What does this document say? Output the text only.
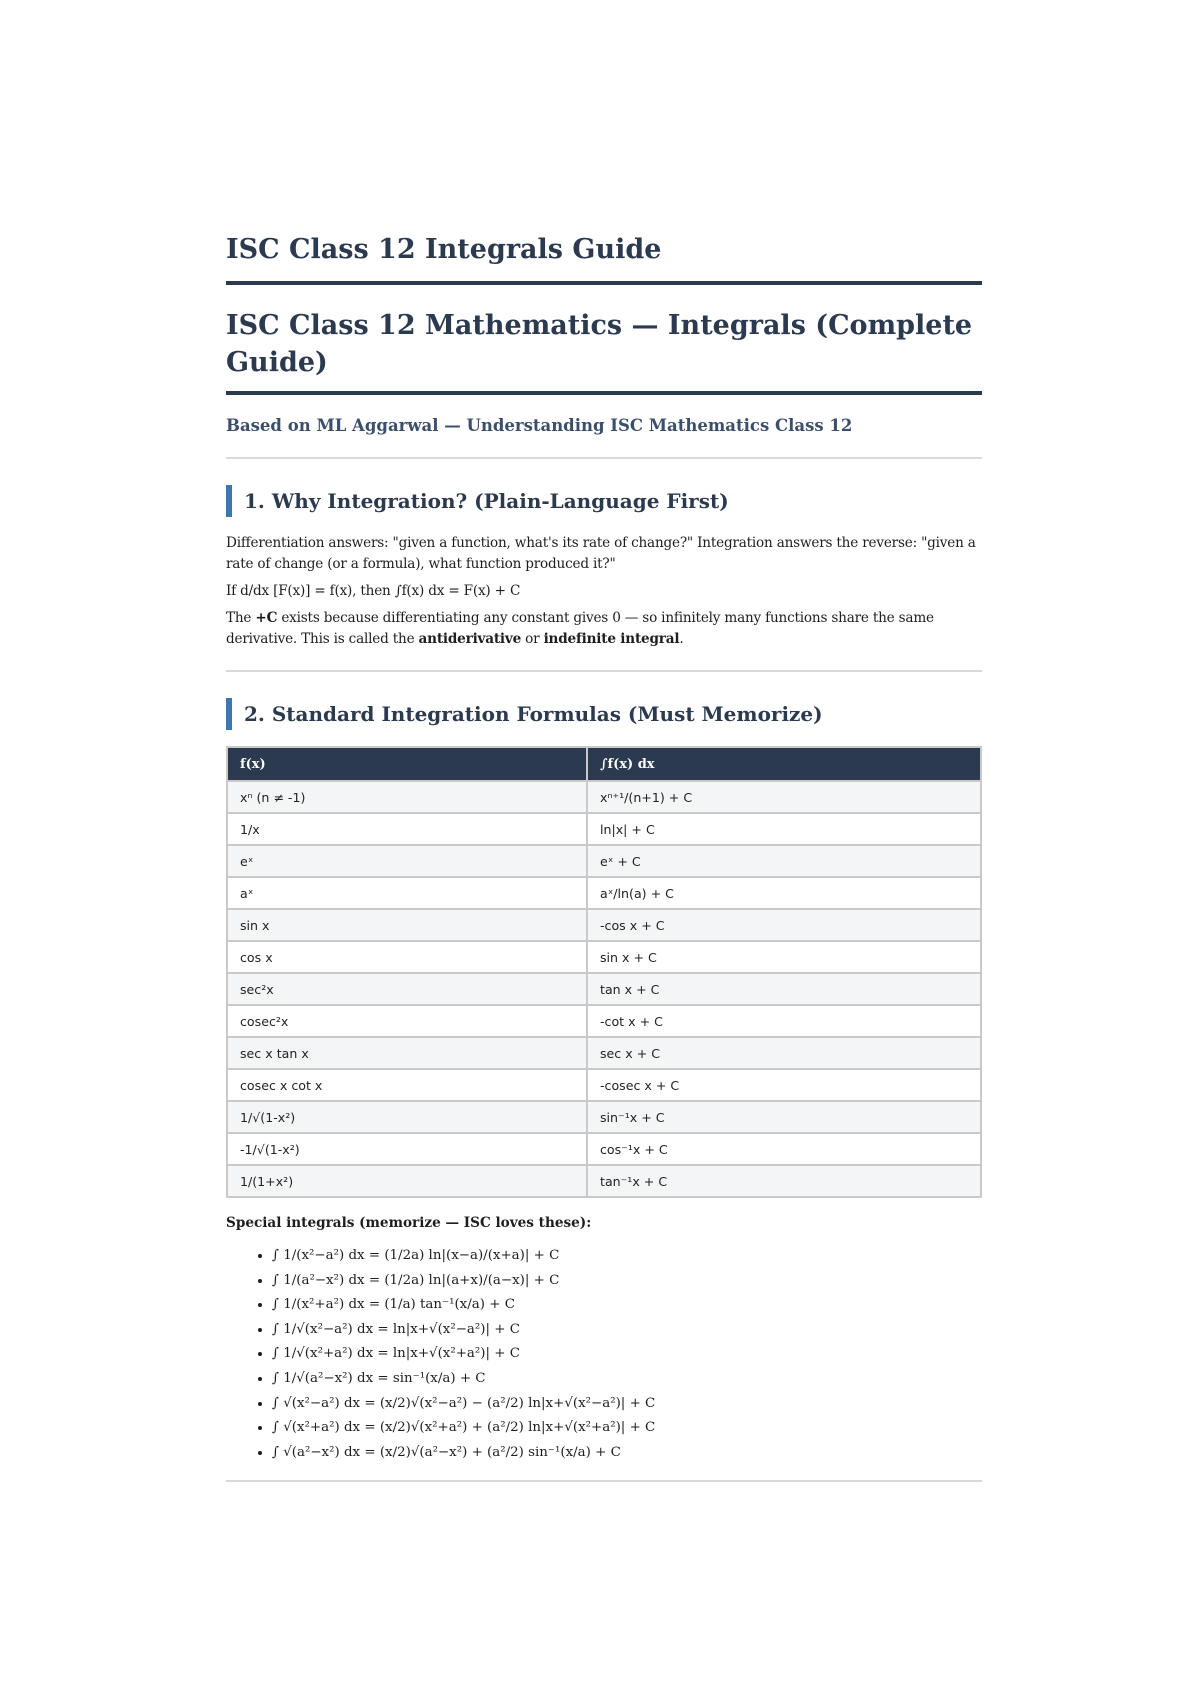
ISC Class 12 Integrals Guide
ISC Class 12 Mathematics — Integrals (Complete Guide)
Based on ML Aggarwal — Understanding ISC Mathematics Class 12
1. Why Integration? (Plain-Language First)

Differentiation answers: "given a function, what's its rate of change?" Integration answers the reverse: "given a rate of change (or a formula), what function produced it?"

If d/dx [F(x)] = f(x), then ∫f(x) dx = F(x) + C

The +C exists because differentiating any constant gives 0 — so infinitely many functions share the same derivative. This is called the antiderivative or indefinite integral.

2. Standard Integration Formulas (Must Memorize)
f(x)	∫f(x) dx
xⁿ (n ≠ -1)	xⁿ⁺¹/(n+1) + C
1/x	ln|x| + C
eˣ	eˣ + C
aˣ	aˣ/ln(a) + C
sin x	-cos x + C
cos x	sin x + C
sec²x	tan x + C
cosec²x	-cot x + C
sec x tan x	sec x + C
cosec x cot x	-cosec x + C
1/√(1-x²)	sin⁻¹x + C
-1/√(1-x²)	cos⁻¹x + C
1/(1+x²)	tan⁻¹x + C
Special integrals (memorize — ISC loves these):
• ∫ 1/(x²−a²) dx = (1/2a) ln|(x−a)/(x+a)| + C
• ∫ 1/(a²−x²) dx = (1/2a) ln|(a+x)/(a−x)| + C
• ∫ 1/(x²+a²) dx = (1/a) tan⁻¹(x/a) + C
• ∫ 1/√(x²−a²) dx = ln|x+√(x²−a²)| + C
• ∫ 1/√(x²+a²) dx = ln|x+√(x²+a²)| + C
• ∫ 1/√(a²−x²) dx = sin⁻¹(x/a) + C
• ∫ √(x²−a²) dx = (x/2)√(x²−a²) − (a²/2) ln|x+√(x²−a²)| + C
• ∫ √(x²+a²) dx = (x/2)√(x²+a²) + (a²/2) ln|x+√(x²+a²)| + C
• ∫ √(a²−x²) dx = (x/2)√(a²−x²) + (a²/2) sin⁻¹(x/a) + C
